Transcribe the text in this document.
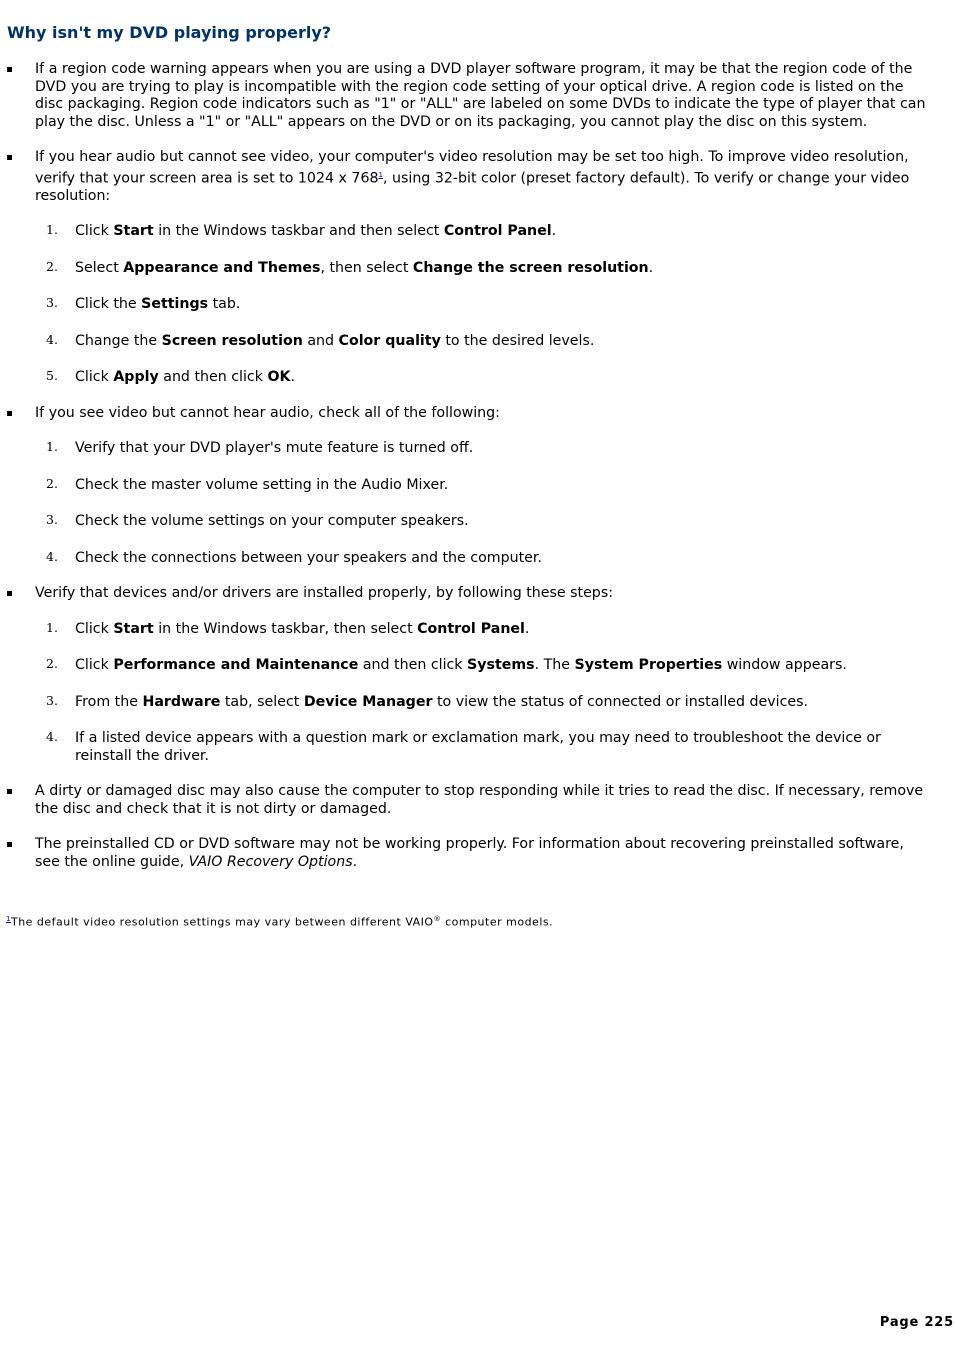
Why isn't my DVD playing properly?
If a region code warning appears when you are using a DVD player software program, it may be that the region code of the DVD you are trying to play is incompatible with the region code setting of your optical drive. A region code is listed on the disc packaging. Region code indicators such as "1" or "ALL" are labeled on some DVDs to indicate the type of player that can play the disc. Unless a "1" or "ALL" appears on the DVD or on its packaging, you cannot play the disc on this system.
If you hear audio but cannot see video, your computer's video resolution may be set too high. To improve video resolution, verify that your screen area is set to 1024 x 768$^1$, using 32-bit color (preset factory default). To verify or change your video resolution:
1. Click Start in the Windows taskbar and then select Control Panel.
2. Select Appearance and Themes, then select Change the screen resolution.
3. Click the Settings tab.
4. Change the Screen resolution and Color quality to the desired levels.
5. Click Apply and then click OK.
If you see video but cannot hear audio, check all of the following:
1. Verify that your DVD player's mute feature is turned off.
2. Check the master volume setting in the Audio Mixer.
3. Check the volume settings on your computer speakers.
4. Check the connections between your speakers and the computer.
Verify that devices and/or drivers are installed properly, by following these steps:
1. Click Start in the Windows taskbar, then select Control Panel.
2. Click Performance and Maintenance and then click Systems. The System Properties window appears.
3. From the Hardware tab, select Device Manager to view the status of connected or installed devices.
4. If a listed device appears with a question mark or exclamation mark, you may need to troubleshoot the device or reinstall the driver.
A dirty or damaged disc may also cause the computer to stop responding while it tries to read the disc. If necessary, remove the disc and check that it is not dirty or damaged.
The preinstalled CD or DVD software may not be working properly. For information about recovering preinstalled software, see the online guide, VAIO Recovery Options.
$^1$The default video resolution settings may vary between different VAIO® computer models.
Page 225
